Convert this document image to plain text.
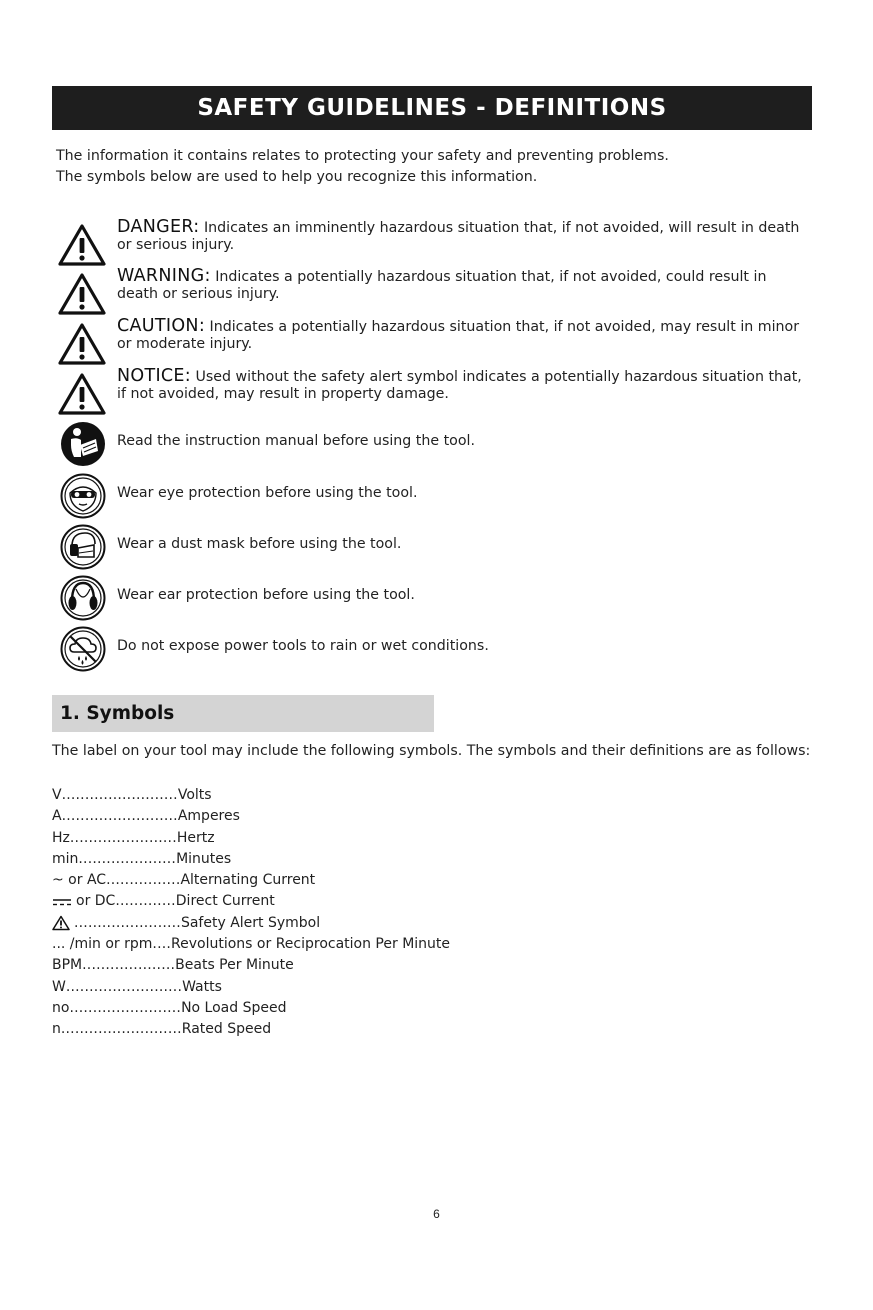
SAFETY GUIDELINES - DEFINITIONS
The information it contains relates to protecting your safety and preventing problems.
The symbols below are used to help you recognize this information.
DANGER: Indicates an imminently hazardous situation that, if not avoided, will result in death or serious injury.
WARNING: Indicates a potentially hazardous situation that, if not avoided, could result in death or serious injury.
CAUTION: Indicates a potentially hazardous situation that, if not avoided, may result in minor or moderate injury.
NOTICE: Used without the safety alert symbol indicates a potentially hazardous situation that, if not avoided, may result in property damage.
Read the instruction manual before using the tool.
Wear eye protection before using the tool.
Wear a dust mask before using the tool.
Wear ear protection before using the tool.
Do not expose power tools to rain or wet conditions.
1. Symbols
The label on your tool may include the following symbols. The symbols and their definitions are as follows:
V ......................... Volts
A ......................... Amperes
Hz ....................... Hertz
min ..................... Minutes
~ or AC ................ Alternating Current
or DC ............. Direct Current
....................... Safety Alert Symbol
... /min or rpm .... Revolutions or Reciprocation Per Minute
BPM .................... Beats Per Minute
W ......................... Watts
no ........................ No Load Speed
n .......................... Rated Speed
6
